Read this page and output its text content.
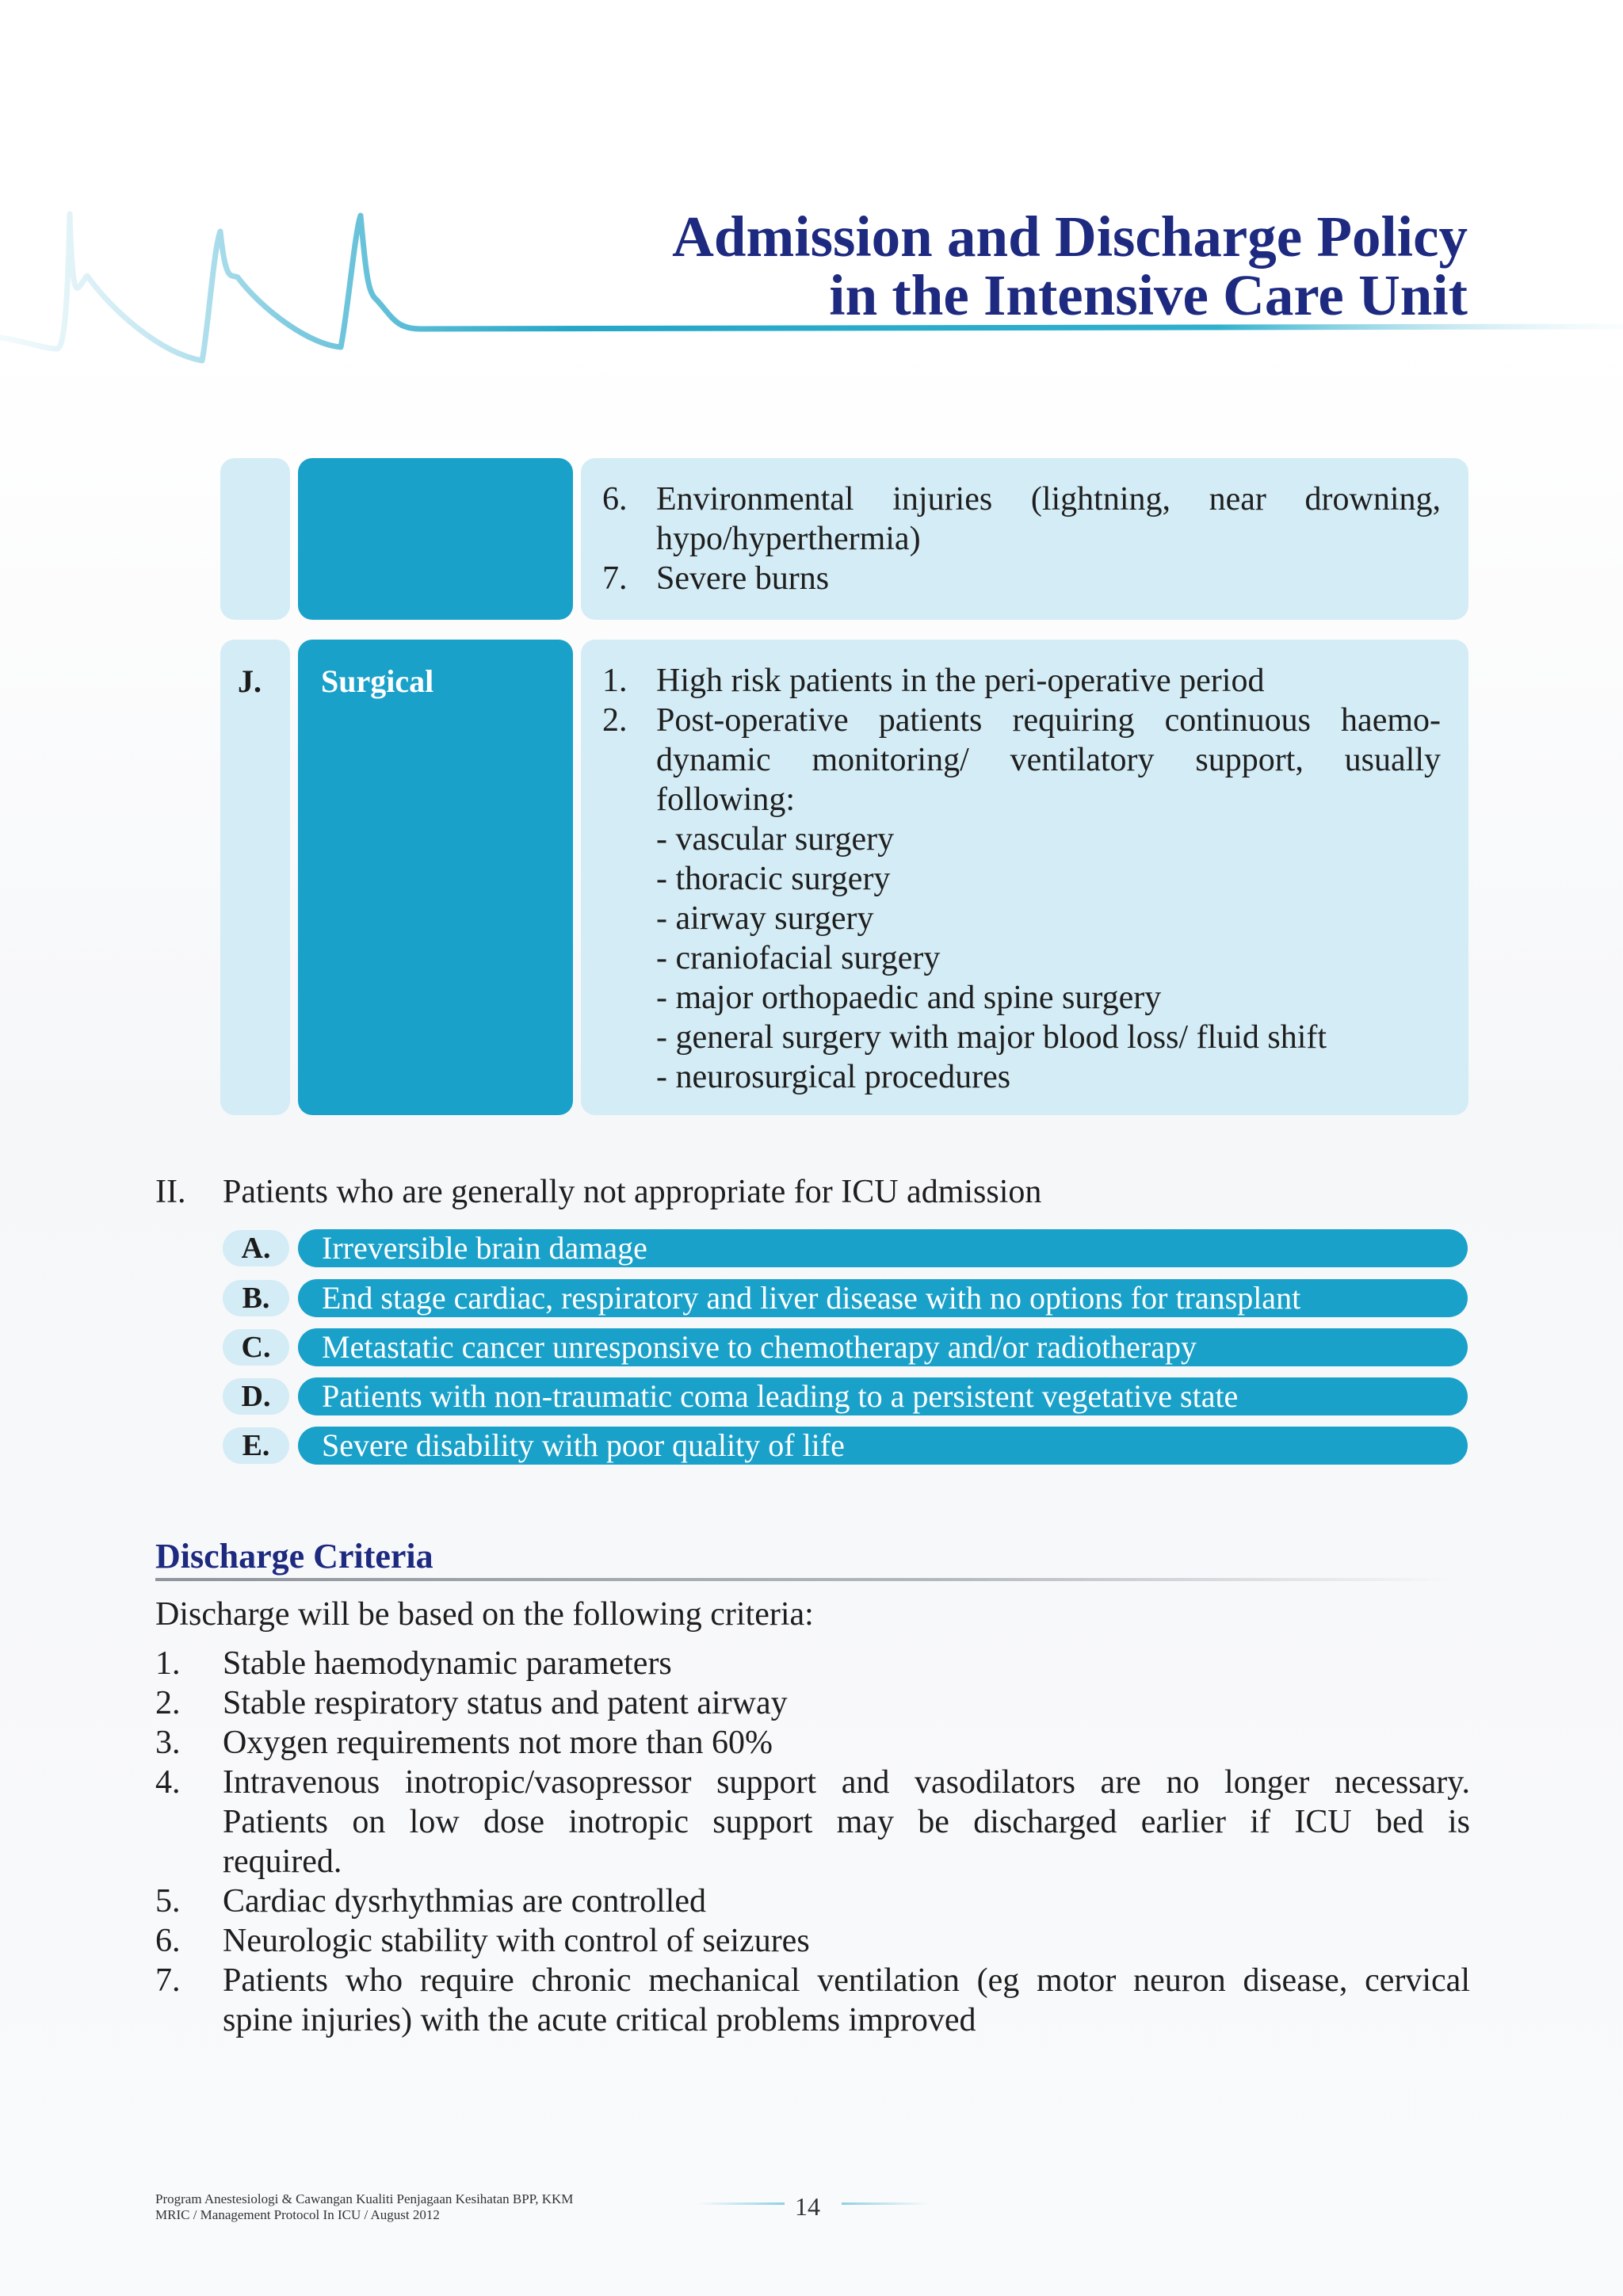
Admission and Discharge Policy
in the Intensive Care Unit
6. Environmental injuries (lightning, near drowning,
hypo/hyperthermia)
7. Severe burns
J. Surgical	1. High risk patients in the peri-operative period
2. Post-operative patients requiring continuous haemo-
dynamic monitoring/ ventilatory support, usually
following:
- vascular surgery
- thoracic surgery
- airway surgery
- craniofacial surgery
- major orthopaedic and spine surgery
- general surgery with major blood loss/ fluid shift
- neurosurgical procedures
II. Patients who are generally not appropriate for ICU admission
A.	Irreversible brain damage
B.	End stage cardiac, respiratory and liver disease with no options for transplant
C.	Metastatic cancer unresponsive to chemotherapy and/or radiotherapy
D.	Patients with non-traumatic coma leading to a persistent vegetative state
E.	Severe disability with poor quality of life
Discharge Criteria
Discharge will be based on the following criteria:
1. Stable haemodynamic parameters
2. Stable respiratory status and patent airway
3. Oxygen requirements not more than 60%
4. Intravenous inotropic/vasopressor support and vasodilators are no longer necessary.
Patients on low dose inotropic support may be discharged earlier if ICU bed is
required.
5. Cardiac dysrhythmias are controlled
6. Neurologic stability with control of seizures
7. Patients who require chronic mechanical ventilation (eg motor neuron disease, cervical
spine injuries) with the acute critical problems improved
Program Anestesiologi & Cawangan Kualiti Penjagaan Kesihatan BPP, KKM
MRIC / Management Protocol In ICU / August 2012	14
